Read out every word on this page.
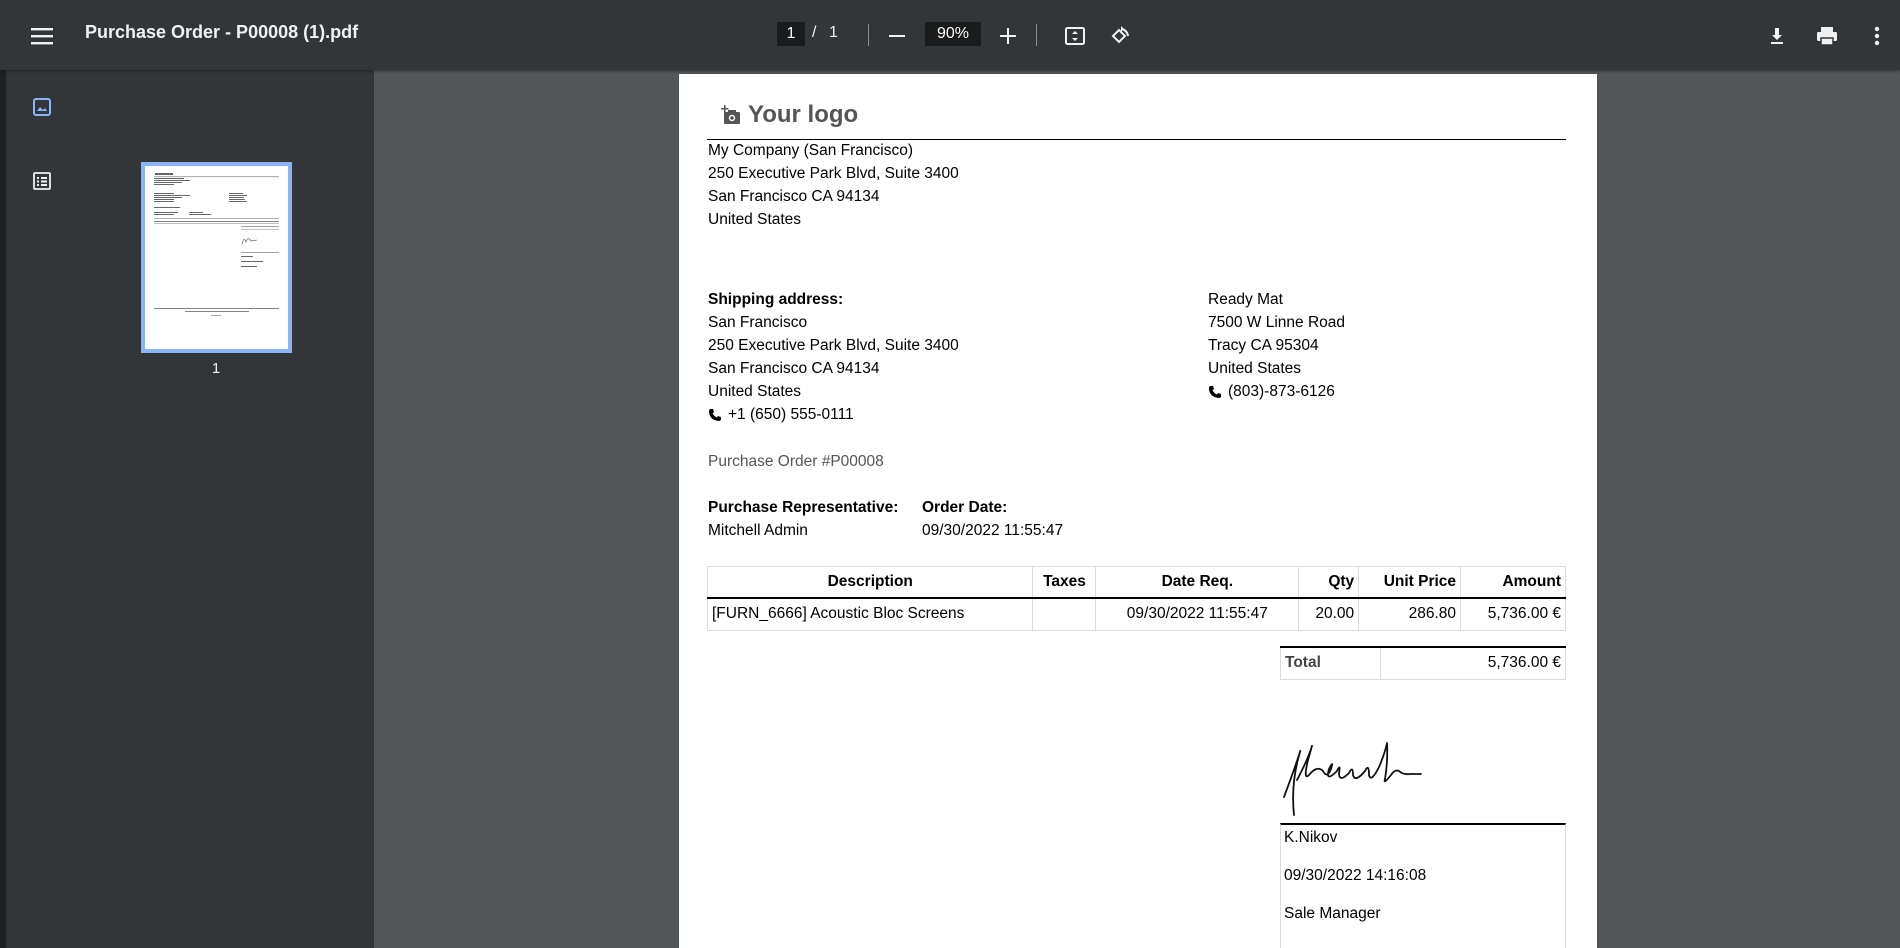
Purchase Order - P00008 (1).pdf	1	/ 1	90%
1
Your logo
My Company (San Francisco)
250 Executive Park Blvd, Suite 3400
San Francisco CA 94134
United States
Shipping address:
San Francisco
250 Executive Park Blvd, Suite 3400
San Francisco CA 94134
United States
+1 (650) 555-0111
Ready Mat
7500 W Linne Road
Tracy CA 95304
United States
(803)-873-6126
Purchase Order #P00008
Purchase Representative:
Mitchell Admin
Order Date:
09/30/2022 11:55:47
Description	Taxes	Date Req.	Qty	Unit Price	Amount
[FURN_6666] Acoustic Bloc Screens		09/30/2022 11:55:47	20.00	286.80	5,736.00 €
Total	5,736.00 €
K.Nikov
09/30/2022 14:16:08
Sale Manager
